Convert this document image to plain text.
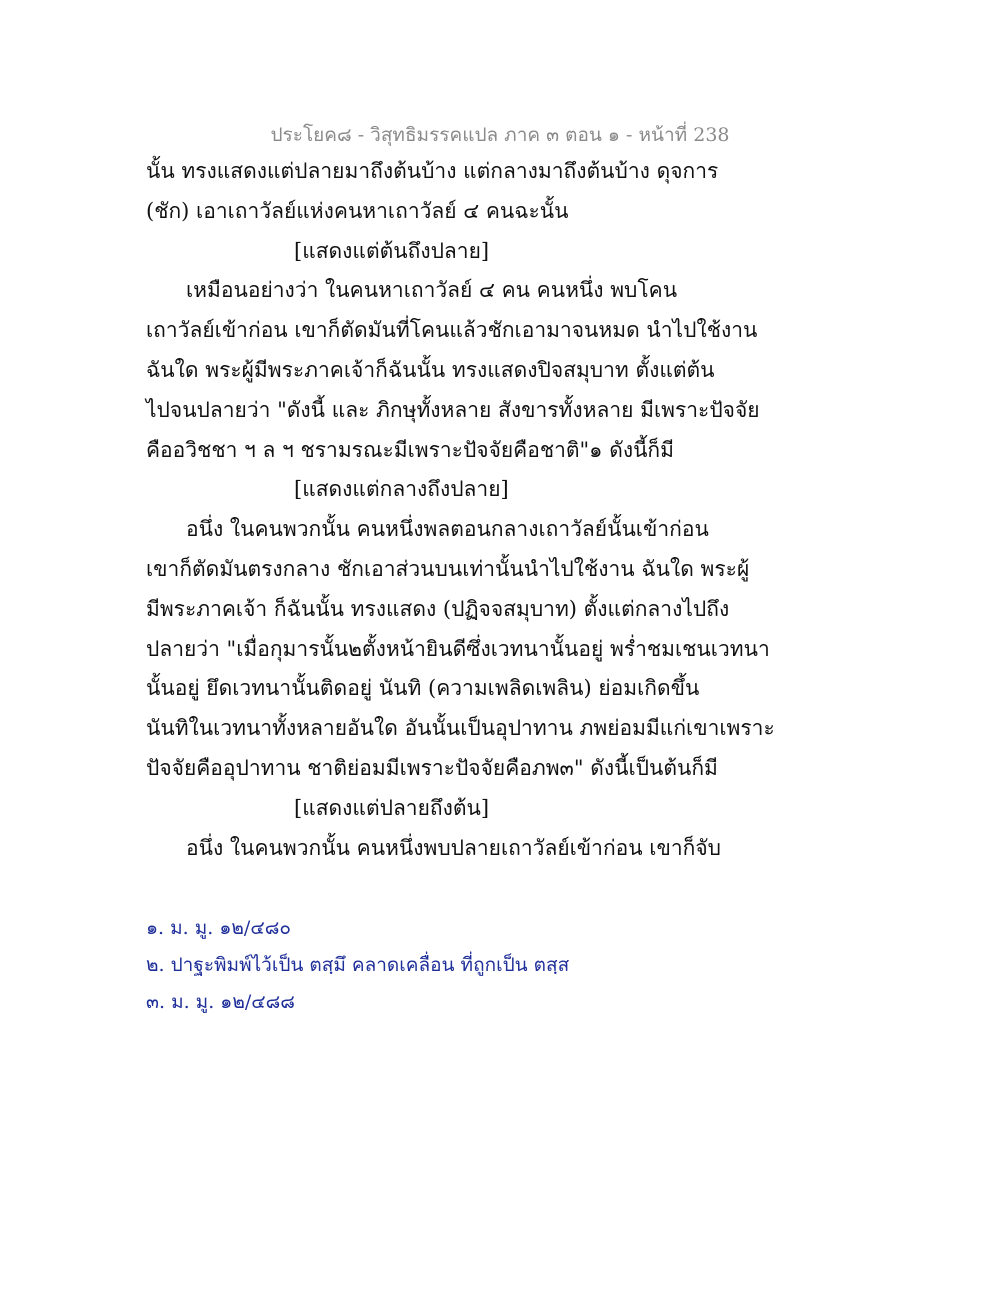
ประโยค๘ - วิสุทธิมรรคแปล ภาค ๓ ตอน ๑ - หน้าที่ 238
นั้น ทรงแสดงแต่ปลายมาถึงต้นบ้าง แต่กลางมาถึงต้นบ้าง ดุจการ
(ชัก) เอาเถาวัลย์แห่งคนหาเถาวัลย์ ๔ คนฉะนั้น
[แสดงแต่ต้นถึงปลาย]
เหมือนอย่างว่า ในคนหาเถาวัลย์ ๔ คน คนหนึ่ง พบโคน
เถาวัลย์เข้าก่อน เขาก็ตัดมันที่โคนแล้วชักเอามาจนหมด นำไปใช้งาน
ฉันใด พระผู้มีพระภาคเจ้าก็ฉันนั้น ทรงแสดงปิจสมุบาท ตั้งแต่ต้น
ไปจนปลายว่า "ดังนี้ และ ภิกษุทั้งหลาย สังขารทั้งหลาย มีเพราะปัจจัย
คืออวิชชา ฯ ล ฯ ชรามรณะมีเพราะปัจจัยคือชาติ"๑ ดังนี้ก็มี
[แสดงแต่กลางถึงปลาย]
อนึ่ง ในคนพวกนั้น คนหนึ่งพลตอนกลางเถาวัลย์นั้นเข้าก่อน
เขาก็ตัดมันตรงกลาง ชักเอาส่วนบนเท่านั้นนำไปใช้งาน ฉันใด พระผู้
มีพระภาคเจ้า ก็ฉันนั้น ทรงแสดง (ปฏิจจสมุบาท) ตั้งแต่กลางไปถึง
ปลายว่า "เมื่อกุมารนั้น๒ตั้งหน้ายินดีซึ่งเวทนานั้นอยู่ พร่ำชมเชนเวทนา
นั้นอยู่ ยึดเวทนานั้นติดอยู่ นันทิ (ความเพลิดเพลิน) ย่อมเกิดขึ้น
นันทิในเวทนาทั้งหลายอันใด อันนั้นเป็นอุปาทาน ภพย่อมมีแก่เขาเพราะ
ปัจจัยคืออุปาทาน ชาติย่อมมีเพราะปัจจัยคือภพ๓" ดังนี้เป็นต้นก็มี
[แสดงแต่ปลายถึงต้น]
อนึ่ง ในคนพวกนั้น คนหนึ่งพบปลายเถาวัลย์เข้าก่อน เขาก็จับ
๑. ม. มู. ๑๒/๔๘๐
๒. ปาฐะพิมพ์ไว้เป็น ตสฺมึ คลาดเคลื่อน ที่ถูกเป็น ตสฺส
๓. ม. มู. ๑๒/๔๘๘
